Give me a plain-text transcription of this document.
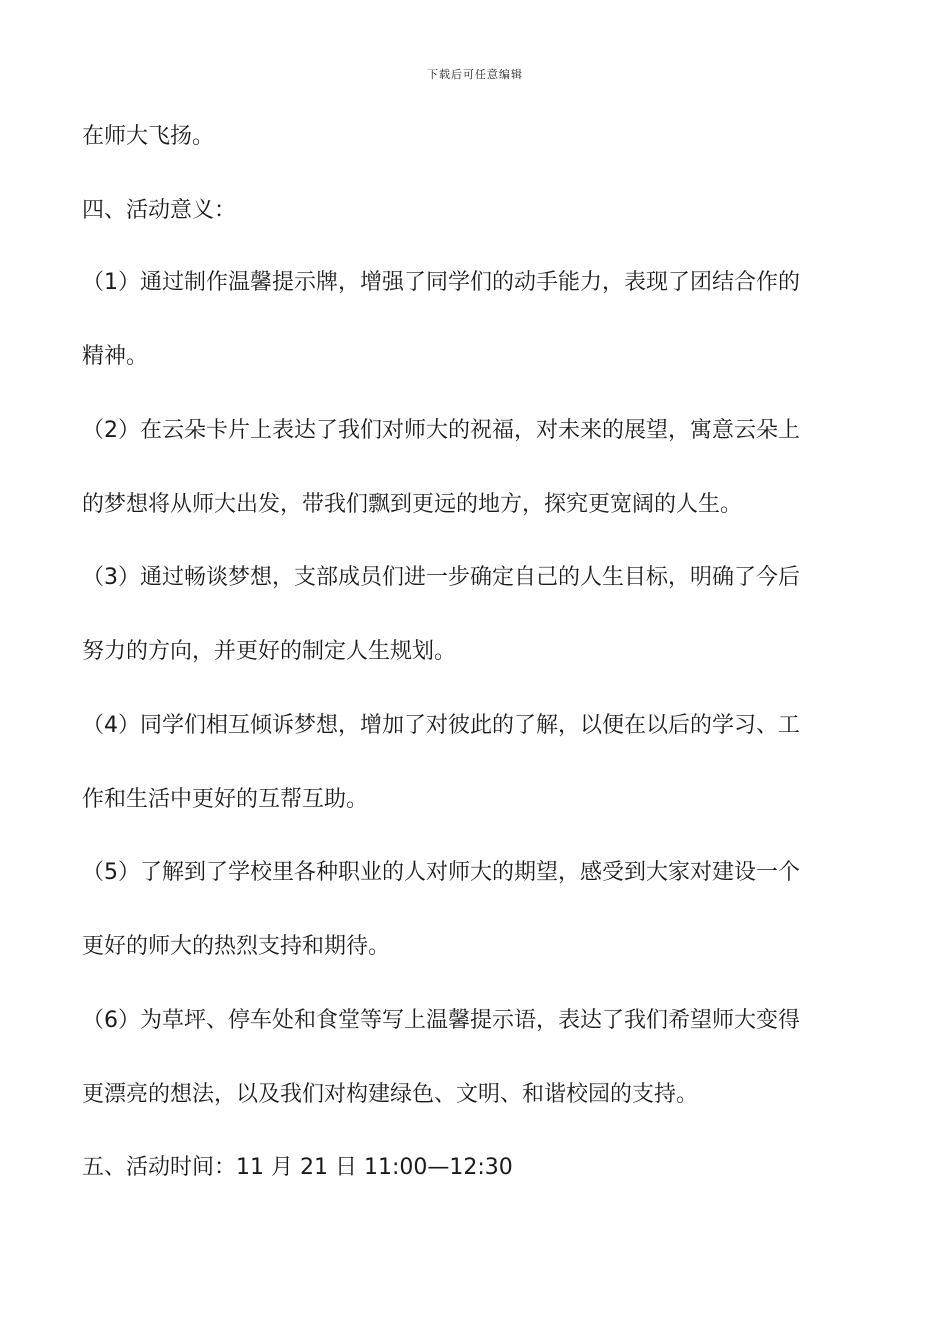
下载后可任意编辑
在师大飞扬。
四、活动意义：
（1）通过制作温馨提示牌，增强了同学们的动手能力，表现了团结合作的
精神。
（2）在云朵卡片上表达了我们对师大的祝福，对未来的展望，寓意云朵上
的梦想将从师大出发，带我们飘到更远的地方，探究更宽阔的人生。
（3）通过畅谈梦想，支部成员们进一步确定自己的人生目标，明确了今后
努力的方向，并更好的制定人生规划。
（4）同学们相互倾诉梦想，增加了对彼此的了解，以便在以后的学习、工
作和生活中更好的互帮互助。
（5）了解到了学校里各种职业的人对师大的期望，感受到大家对建设一个
更好的师大的热烈支持和期待。
（6）为草坪、停车处和食堂等写上温馨提示语，表达了我们希望师大变得
更漂亮的想法，以及我们对构建绿色、文明、和谐校园的支持。
五、活动时间：11 月 21 日 11:00—12:30
